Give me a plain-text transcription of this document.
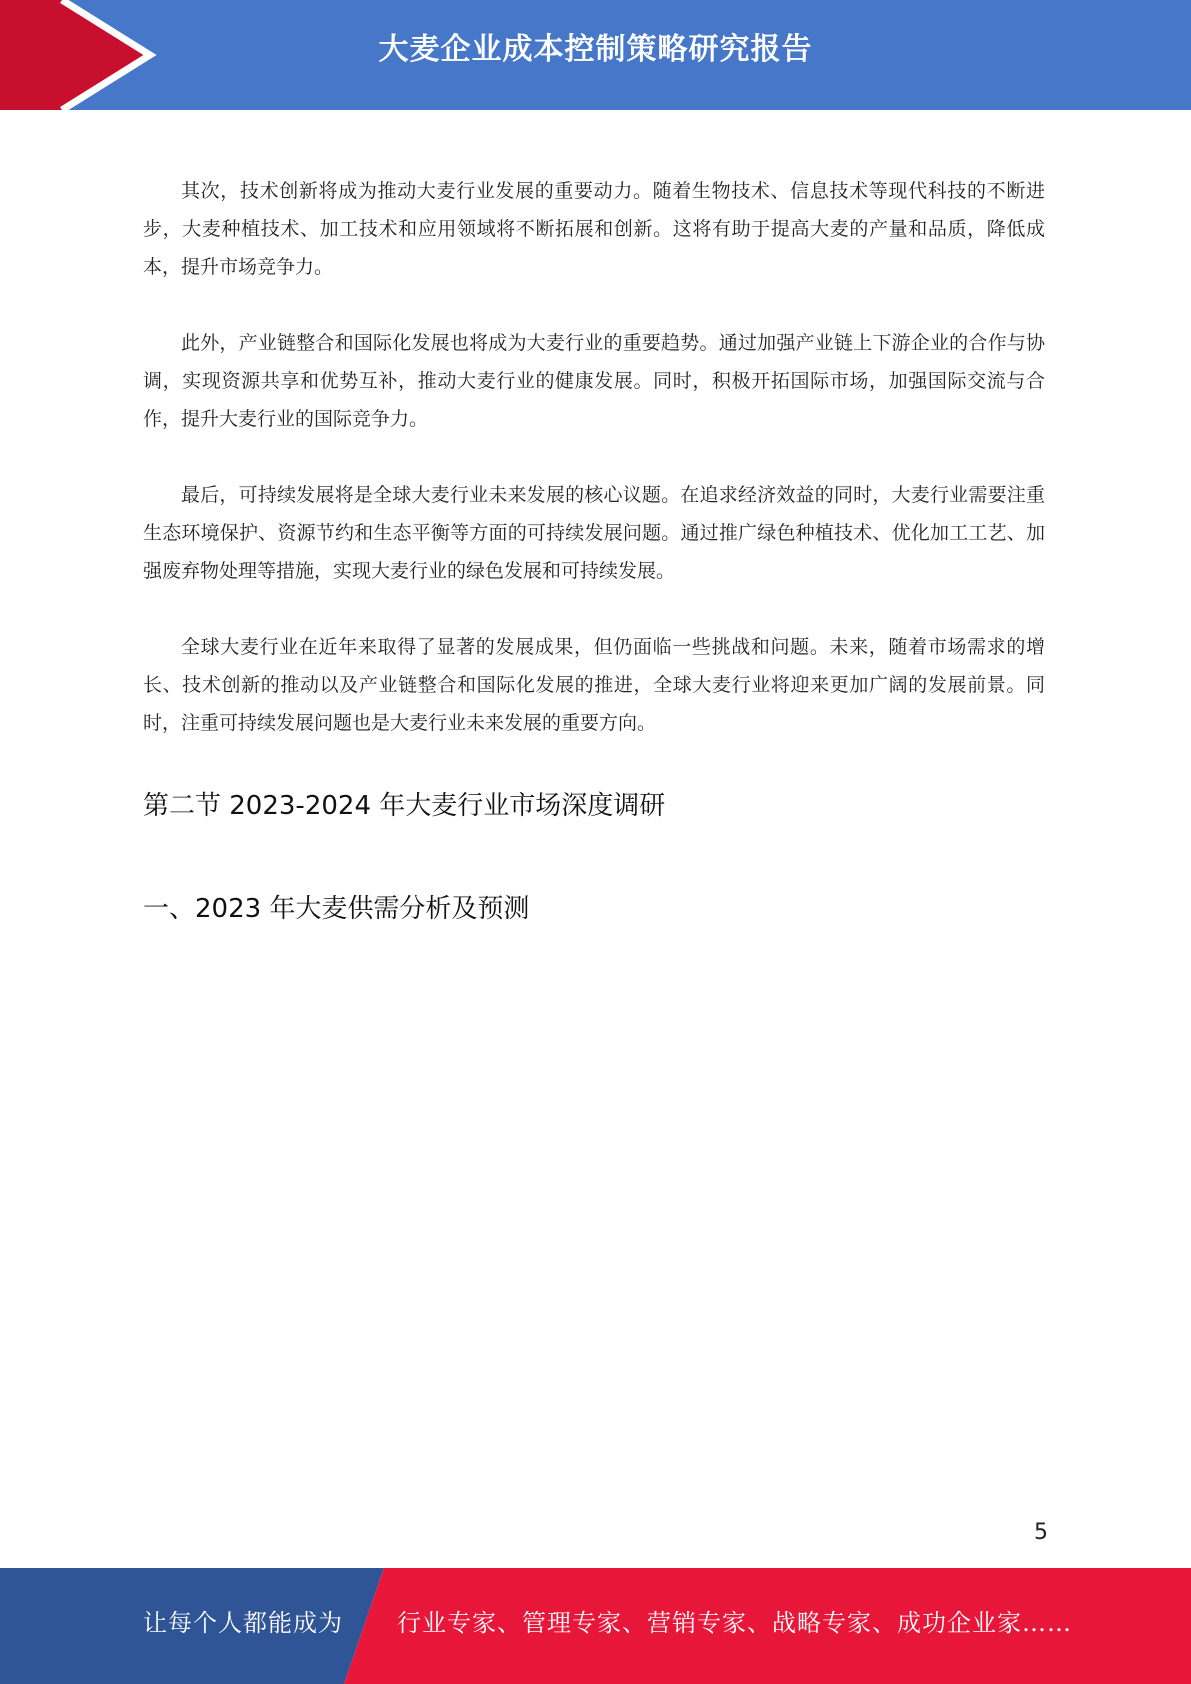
大麦企业成本控制策略研究报告

其次，技术创新将成为推动大麦行业发展的重要动力。随着生物技术、信息技术等现代科技的不断进步，大麦种植技术、加工技术和应用领域将不断拓展和创新。这将有助于提高大麦的产量和品质，降低成本，提升市场竞争力。

此外，产业链整合和国际化发展也将成为大麦行业的重要趋势。通过加强产业链上下游企业的合作与协调，实现资源共享和优势互补，推动大麦行业的健康发展。同时，积极开拓国际市场，加强国际交流与合作，提升大麦行业的国际竞争力。

最后，可持续发展将是全球大麦行业未来发展的核心议题。在追求经济效益的同时，大麦行业需要注重生态环境保护、资源节约和生态平衡等方面的可持续发展问题。通过推广绿色种植技术、优化加工工艺、加强废弃物处理等措施，实现大麦行业的绿色发展和可持续发展。

全球大麦行业在近年来取得了显著的发展成果，但仍面临一些挑战和问题。未来，随着市场需求的增长、技术创新的推动以及产业链整合和国际化发展的推进，全球大麦行业将迎来更加广阔的发展前景。同时，注重可持续发展问题也是大麦行业未来发展的重要方向。

第二节 2023-2024 年大麦行业市场深度调研
一、2023 年大麦供需分析及预测
5
让每个人都能成为 行业专家、管理专家、营销专家、战略专家、成功企业家……
